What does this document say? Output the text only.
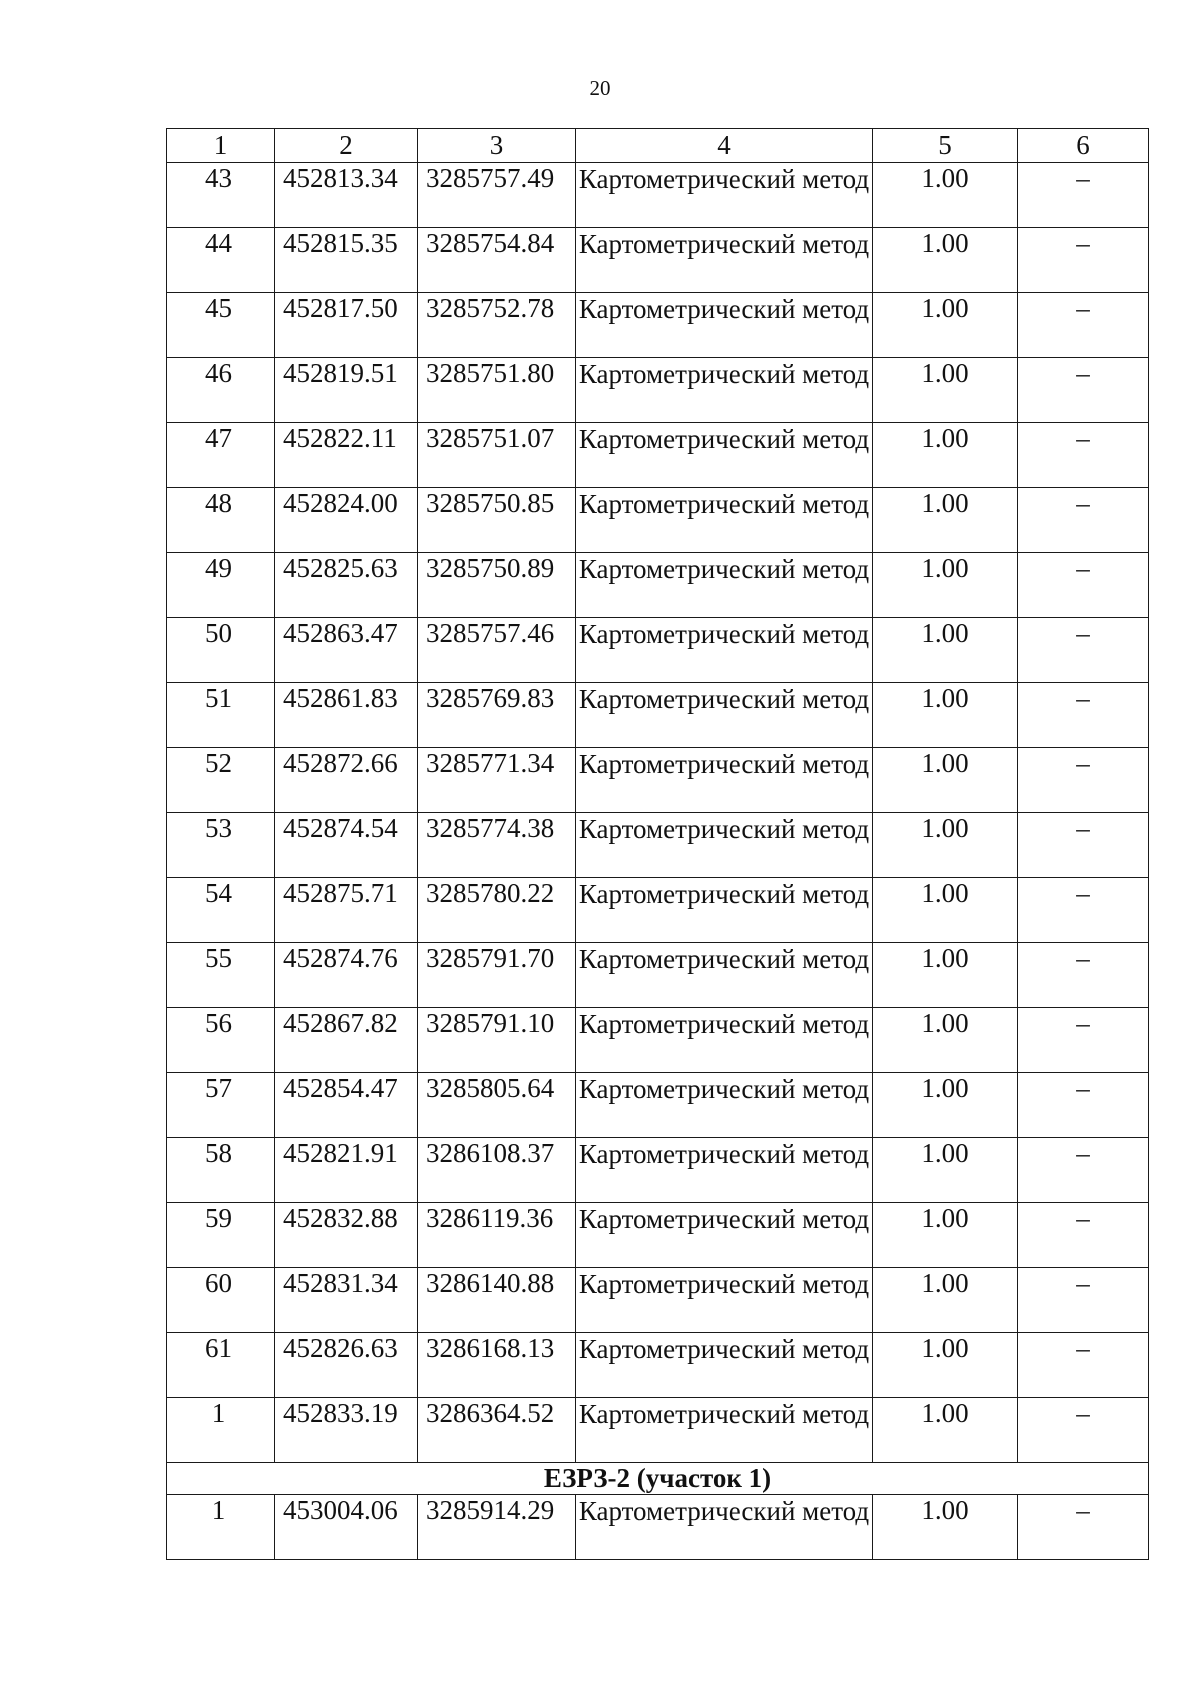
20
1	2	3	4	5	6
43	452813.34	3285757.49	Картометрический метод	1.00	–
44	452815.35	3285754.84	Картометрический метод	1.00	–
45	452817.50	3285752.78	Картометрический метод	1.00	–
46	452819.51	3285751.80	Картометрический метод	1.00	–
47	452822.11	3285751.07	Картометрический метод	1.00	–
48	452824.00	3285750.85	Картометрический метод	1.00	–
49	452825.63	3285750.89	Картометрический метод	1.00	–
50	452863.47	3285757.46	Картометрический метод	1.00	–
51	452861.83	3285769.83	Картометрический метод	1.00	–
52	452872.66	3285771.34	Картометрический метод	1.00	–
53	452874.54	3285774.38	Картометрический метод	1.00	–
54	452875.71	3285780.22	Картометрический метод	1.00	–
55	452874.76	3285791.70	Картометрический метод	1.00	–
56	452867.82	3285791.10	Картометрический метод	1.00	–
57	452854.47	3285805.64	Картометрический метод	1.00	–
58	452821.91	3286108.37	Картометрический метод	1.00	–
59	452832.88	3286119.36	Картометрический метод	1.00	–
60	452831.34	3286140.88	Картометрический метод	1.00	–
61	452826.63	3286168.13	Картометрический метод	1.00	–
1	452833.19	3286364.52	Картометрический метод	1.00	–
ЕЗРЗ-2 (участок 1)					
1	453004.06	3285914.29	Картометрический метод	1.00	–
